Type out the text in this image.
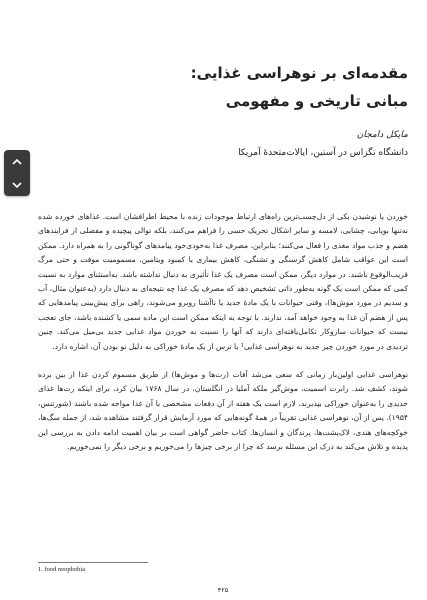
مقدمه‌ای بر نوهراسی غذایی:

مبانی تاریخی و مفهومی

مایکل دامجان
دانشگاه تگزاس در آستین، ایالات‌متحدهٔ آمریکا

خوردن یا نوشیدن یکی از دل‌چسب‌ترین راه‌های ارتباط موجودات زنده با محیط اطرافشان است. غذاهای خورده شده نه‌تنها بویایی، چشایی، لامسه و سایر اشکال تحریک حسی را فراهم می‌کنند، بلکه توالی پیچیده و مفصلی از فرایندهای هضم و جذب مواد مغذی را فعال می‌کنند؛ بنابراین، مصرف غذا به‌خودی‌خود پیامدهای گوناگونی را به همراه دارد. ممکن است این عواقب شامل کاهش گرسنگی و تشنگی، کاهش بیماری یا کمبود ویتامین، مسمومیت موقت و حتی مرگ قریب‌الوقوع باشند. در موارد دیگر، ممکن است مصرف یک غذا تأثیری به دنبال نداشته باشد. به‌استثنای موارد به نسبت کمی که ممکن است یک گونه به‌طور ذاتی تشخیص دهد که مصرف یک غذا چه نتیجه‌ای به دنبال دارد (به‌عنوان مثال، آب و سدیم در مورد موش‌ها)، وقتی حیوانات با یک مادهٔ جدید یا ناآشنا روبرو می‌شوند، راهی برای پیش‌بینی پیامدهایی که پس از هضم آن غذا به وجود خواهد آمد، ندارند. با توجه به اینکه ممکن است این ماده سمی یا کشنده باشد، جای تعجب نیست که حیوانات سازوکار تکامل‌یافته‌ای دارند که آنها را نسبت به خوردن مواد غذایی جدید بی‌میل می‌کند. چنین تردیدی در مورد خوردن چیز جدید به نوهراسی غذایی¹ یا ترس از یک مادهٔ خوراکی به دلیل نو بودن آن، اشاره دارد.

نوهراسی غذایی اولین‌بار زمانی که سعی می‌شد آفات (رت‌ها و موش‌ها) از طریق مسموم کردن غذا از بین برده شوند، کشف شد. رابرت اسمیت، موش‌گیر ملکه آملیا در انگلستان، در سال ۱۷۶۸ بیان کرد، برای اینکه رت‌ها غذای جدیدی را به‌عنوان خوراکی بپذیرند، لازم است یک هفته از آن دفعات مشخصی با آن غذا مواجه شده باشند (شورتنس، ۱۹۵۴). پس از آن، نوهراسی غذایی تقریباً در همهٔ گونه‌هایی که مورد آزمایش قرار گرفتند مشاهده شد، از جمله سگ‌ها، خوکچه‌های هندی، لاک‌پشت‌ها، پرندگان و انسان‌ها. کتاب حاضر گواهی است بر بیان اهمیت ادامه دادن به بررسی این پدیده و تلاش می‌کند به درک این مسئله برسد که چرا از برخی چیزها را می‌خوریم و برخی دیگر را نمی‌خوریم.

1. food neophobia
۴۲۵
